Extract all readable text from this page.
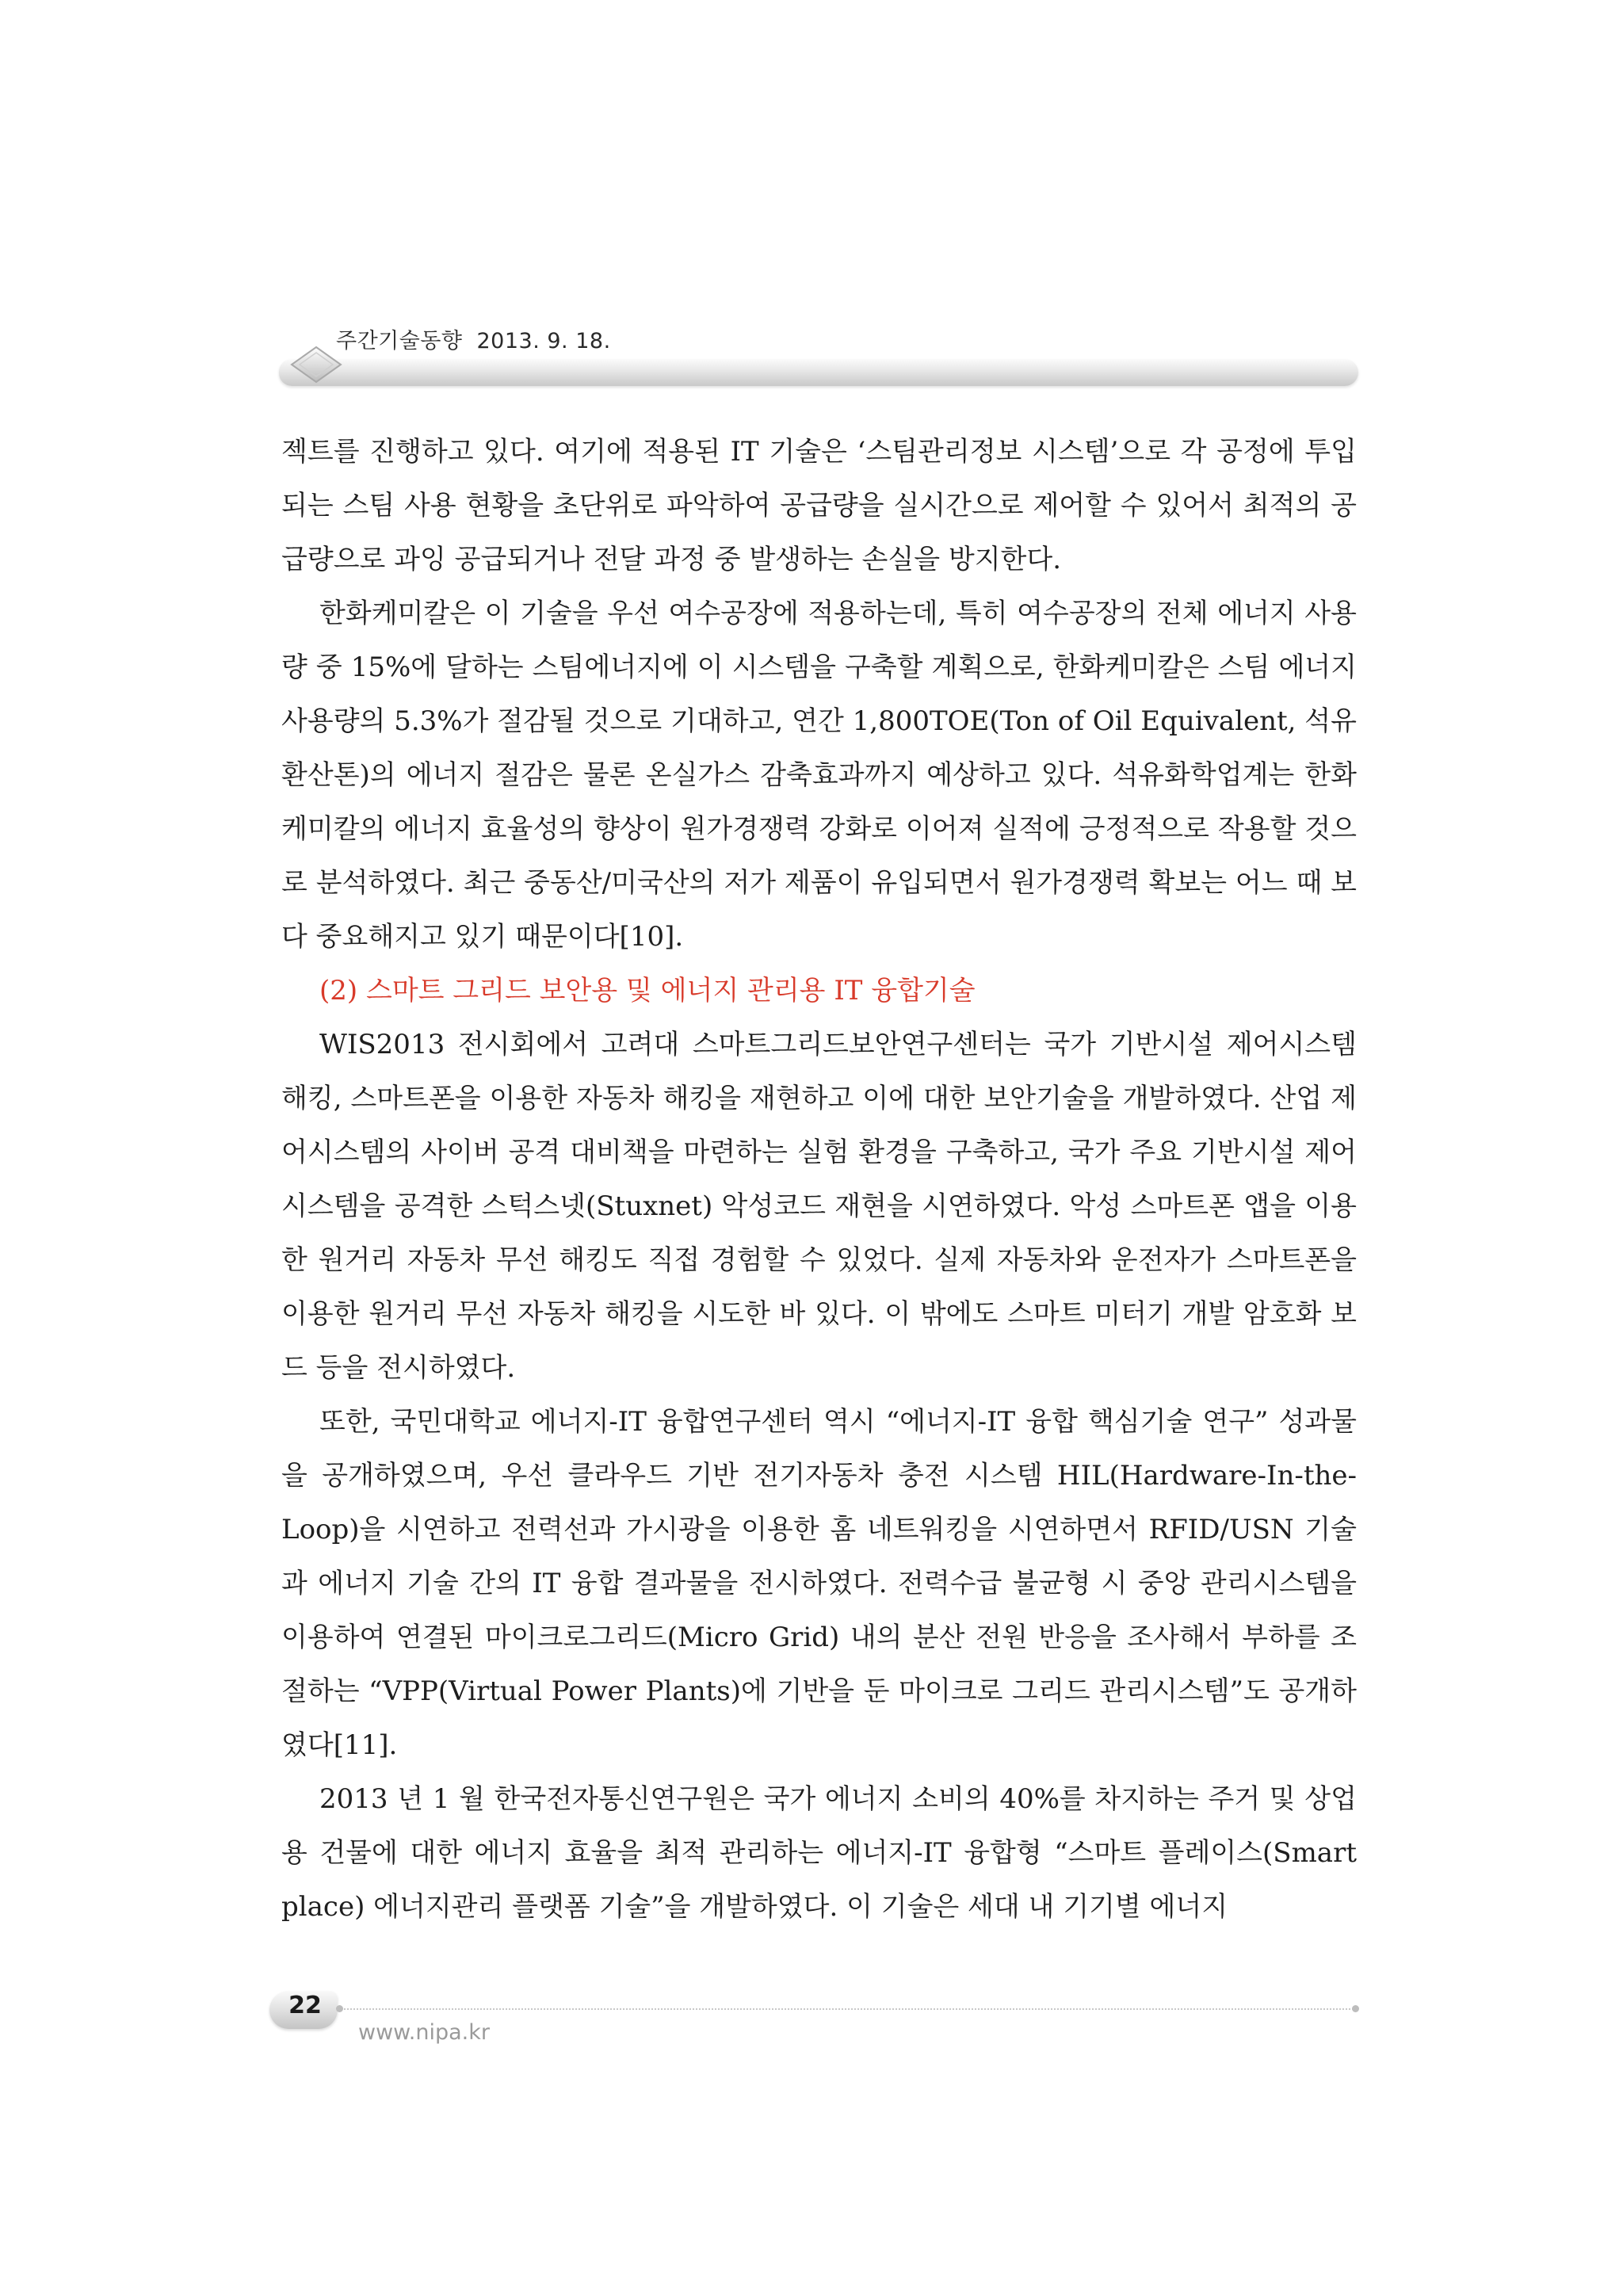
주간기술동향 2013. 9. 18.

젝트를 진행하고 있다. 여기에 적용된 IT 기술은 ‘스팀관리정보 시스템’으로 각 공정에 투입되는 스팀 사용 현황을 초단위로 파악하여 공급량을 실시간으로 제어할 수 있어서 최적의 공급량으로 과잉 공급되거나 전달 과정 중 발생하는 손실을 방지한다.

한화케미칼은 이 기술을 우선 여수공장에 적용하는데, 특히 여수공장의 전체 에너지 사용량 중 15%에 달하는 스팀에너지에 이 시스템을 구축할 계획으로, 한화케미칼은 스팀 에너지 사용량의 5.3%가 절감될 것으로 기대하고, 연간 1,800TOE(Ton of Oil Equivalent, 석유환산톤)의 에너지 절감은 물론 온실가스 감축효과까지 예상하고 있다. 석유화학업계는 한화케미칼의 에너지 효율성의 향상이 원가경쟁력 강화로 이어져 실적에 긍정적으로 작용할 것으로 분석하였다. 최근 중동산/미국산의 저가 제품이 유입되면서 원가경쟁력 확보는 어느 때 보다 중요해지고 있기 때문이다[10].

(2) 스마트 그리드 보안용 및 에너지 관리용 IT 융합기술

WIS2013 전시회에서 고려대 스마트그리드보안연구센터는 국가 기반시설 제어시스템 해킹, 스마트폰을 이용한 자동차 해킹을 재현하고 이에 대한 보안기술을 개발하였다. 산업 제어시스템의 사이버 공격 대비책을 마련하는 실험 환경을 구축하고, 국가 주요 기반시설 제어시스템을 공격한 스턱스넷(Stuxnet) 악성코드 재현을 시연하였다. 악성 스마트폰 앱을 이용한 원거리 자동차 무선 해킹도 직접 경험할 수 있었다. 실제 자동차와 운전자가 스마트폰을 이용한 원거리 무선 자동차 해킹을 시도한 바 있다. 이 밖에도 스마트 미터기 개발 암호화 보드 등을 전시하였다.

또한, 국민대학교 에너지-IT 융합연구센터 역시 “에너지-IT 융합 핵심기술 연구” 성과물을 공개하였으며, 우선 클라우드 기반 전기자동차 충전 시스템 HIL(Hardware-In-the-Loop)을 시연하고 전력선과 가시광을 이용한 홈 네트워킹을 시연하면서 RFID/USN 기술과 에너지 기술 간의 IT 융합 결과물을 전시하였다. 전력수급 불균형 시 중앙 관리시스템을 이용하여 연결된 마이크로그리드(Micro Grid) 내의 분산 전원 반응을 조사해서 부하를 조절하는 “VPP(Virtual Power Plants)에 기반을 둔 마이크로 그리드 관리시스템”도 공개하였다[11].

2013 년 1 월 한국전자통신연구원은 국가 에너지 소비의 40%를 차지하는 주거 및 상업용 건물에 대한 에너지 효율을 최적 관리하는 에너지-IT 융합형 “스마트 플레이스(Smart place) 에너지관리 플랫폼 기술”을 개발하였다. 이 기술은 세대 내 기기별 에너지

22
www.nipa.kr
